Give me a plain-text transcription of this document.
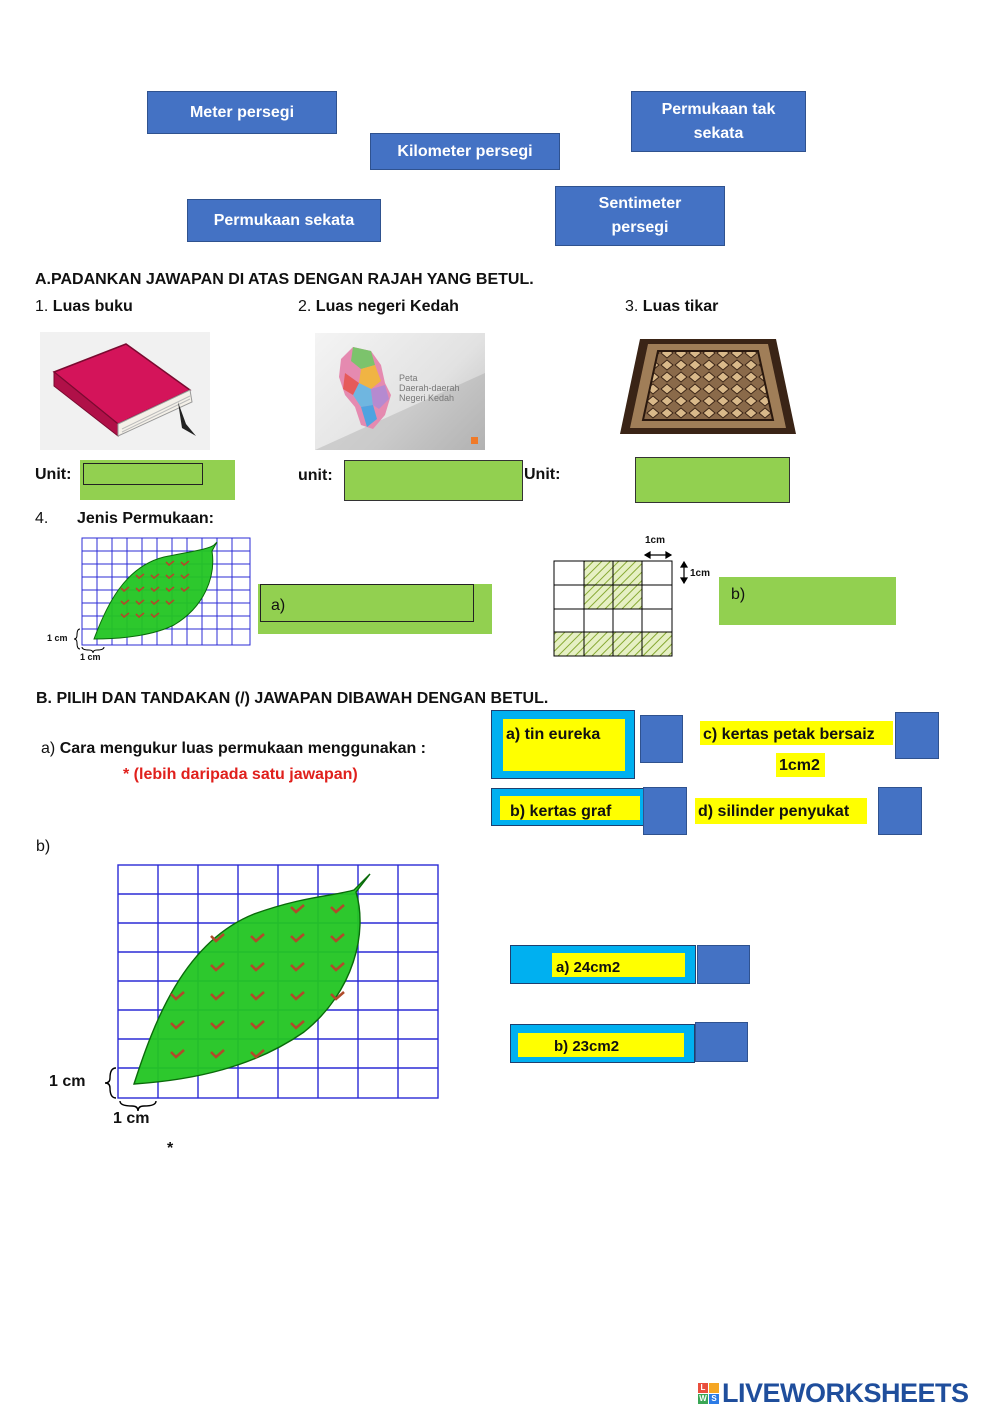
Meter persegi
Kilometer persegi
Permukaan tak
sekata
Permukaan sekata
Sentimeter
persegi
A.PADANKAN JAWAPAN DI ATAS DENGAN RAJAH YANG BETUL.
1. Luas buku	2. Luas negeri Kedah	3. Luas tikar
Peta
Daerah-daerah
Negeri Kedah
Unit:	unit:	Unit:
4. Jenis Permukaan:
1 cm
1 cm
a)
1cm
1cm
b)
B. PILIH DAN TANDAKAN (/) JAWAPAN DIBAWAH DENGAN BETUL.
a) Cara mengukur luas permukaan menggunakan :
* (lebih daripada satu jawapan)
a) tin eureka	c) kertas petak bersaiz
1cm2
b) kertas graf	d) silinder penyukat
b)
1 cm
1 cm
*
a) 24cm2
b) 23cm2
L
W S LIVEWORKSHEETS
